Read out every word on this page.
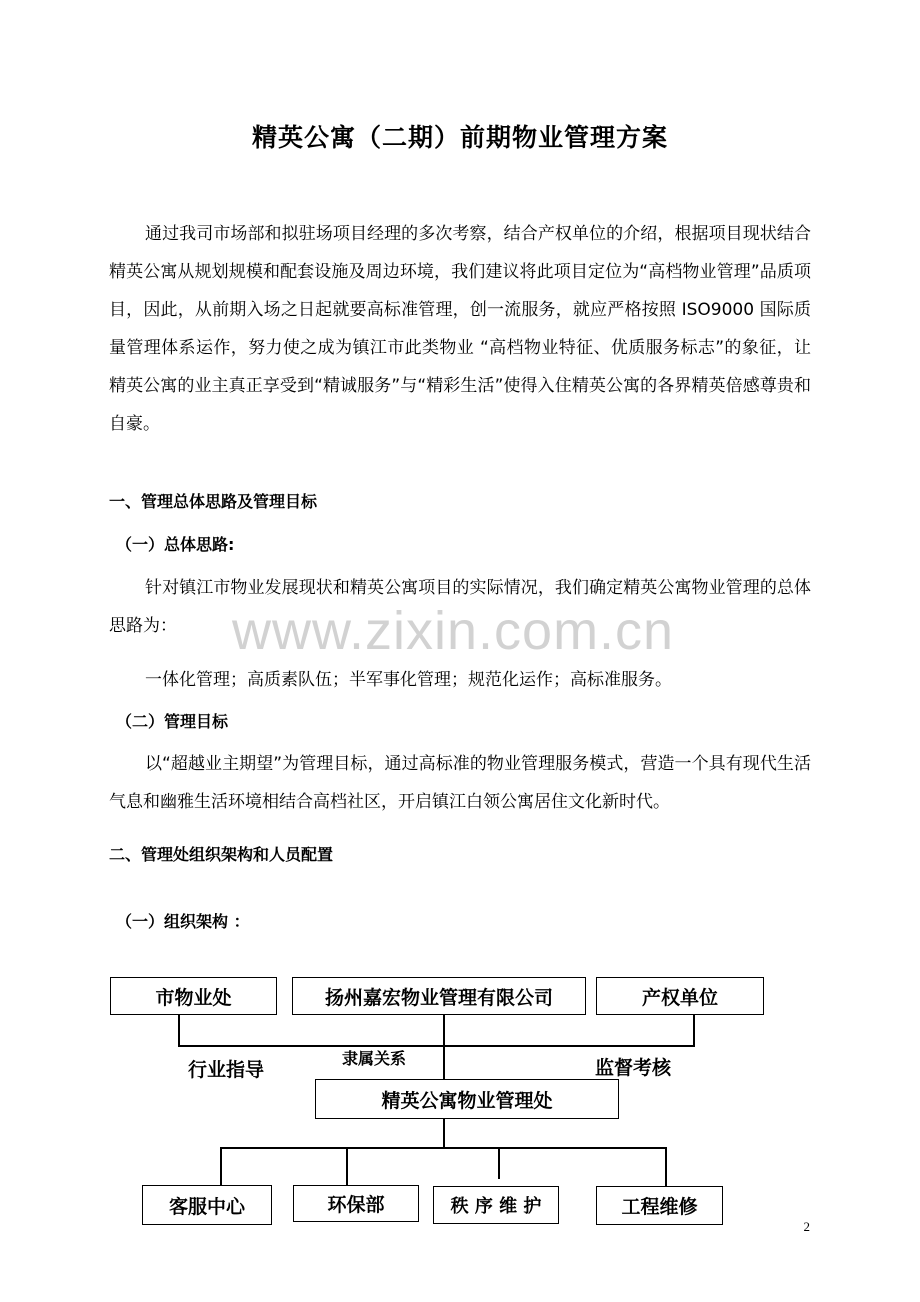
精英公寓（二期）前期物业管理方案

通过我司市场部和拟驻场项目经理的多次考察，结合产权单位的介绍，根据项目现状结合精英公寓从规划规模和配套设施及周边环境，我们建议将此项目定位为“高档物业管理”品质项目，因此，从前期入场之日起就要高标准管理，创一流服务，就应严格按照 ISO9000 国际质量管理体系运作，努力使之成为镇江市此类物业 “高档物业特征、优质服务标志”的象征，让精英公寓的业主真正享受到“精诚服务”与“精彩生活”使得入住精英公寓的各界精英倍感尊贵和自豪。

一、管理总体思路及管理目标
（一）总体思路:

针对镇江市物业发展现状和精英公寓项目的实际情况，我们确定精英公寓物业管理的总体思路为：

一体化管理；高质素队伍；半军事化管理；规范化运作；高标准服务。
（二）管理目标

以“超越业主期望”为管理目标，通过高标准的物业管理服务模式，营造一个具有现代生活气息和幽雅生活环境相结合高档社区，开启镇江白领公寓居住文化新时代。

二、管理处组织架构和人员配置
（一）组织架构 ：
www.zixin.com.cn
市物业处	扬州嘉宏物业管理有限公司	产权单位
行业指导
隶属关系	监督考核
精英公寓物业管理处
客服中心	环保部	秩 序 维 护	工程维修
2
